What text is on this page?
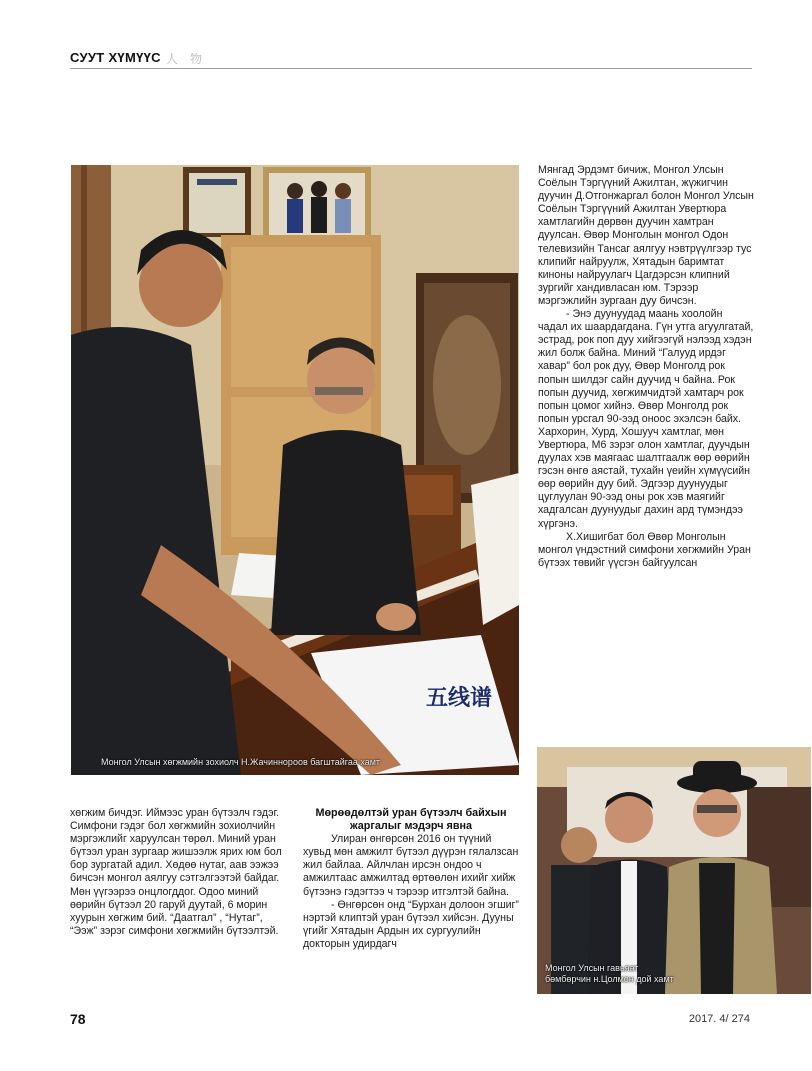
СУУТ ХҮМҮҮС 人物
五线谱
Монгол Улсын хөгжмийн зохиолч Н.Жачиннороов багштайгаа хамт
Монгол Улсын гавьяат
бөмбөрчин н.Цолмон дой хамт

Мянгад Эрдэмт бичиж, Монгол Улсын Соёлын Тэргүүний Ажилтан, жүжигчин дуучин Д.Отгонжаргал болон Монгол Улсын Соёлын Тэргүүний Ажилтан Увертюра хамтлагийн дөрвөн дуучин хамтран дуулсан. Өвөр Монголын монгол Одон телевизийн Тансаг аялгуу нэвтрүүлгээр тус клипийг найруулж, Хятадын баримтат киноны найруулагч Цагдэрсэн клипний зургийг хандивласан юм. Тэрээр мэргэжлийн зургаан дуу бичсэн.

- Энэ дуунуудад маань хоолойн чадал их шаардагдана. Гүн утга агуулгатай, эстрад, рок поп дуу хийгээгүй нэлээд хэдэн жил болж байна. Миний “Галууд ирдэг хавар” бол рок дуу, Өвөр Монголд рок попын шилдэг сайн дуучид ч байна. Рок попын дуучид, хөгжимчидтэй хамтарч рок попын цомог хийнэ. Өвөр Монголд рок попын урсгал 90-ээд оноос эхэлсэн байх. Хархорин, Хурд, Хошууч хамтлаг, мөн Увертюра, М6 зэрэг олон хамтлаг, дуучдын дуулах хэв маягаас шалтгаалж өөр өөрийн гэсэн өнгө аястай, тухайн үеийн хүмүүсийн өөр өөрийн дуу бий. Эдгээр дуунуудыг цуглуулан 90-ээд оны рок хэв маягийг хадгалсан дуунуудыг дахин ард түмэндээ хүргэнэ.

Х.Хишигбат бол Өвөр Монголын монгол үндэстний симфони хөгжмийн Уран бүтээх төвийг үүсгэн байгуулсан

хөгжим бичдэг. Иймээс уран бүтээлч гэдэг. Симфони гэдэг бол хөгжмийн зохиолчийн мэргэжлийг харуулсан төрөл. Миний уран бүтээл уран зургаар жишээлж ярих юм бол бор зургатай адил. Хөдөө нутаг, аав ээжээ бичсэн монгол аялгуу сэтгэлгээтэй байдаг. Мөн үүгээрээ онцлогддог. Одоо миний өөрийн бүтээл 20 гаруй дуутай, 6 морин хуурын хөгжим бий. “Даатгал” , “Нутаг”, “Ээж” зэрэг симфони хөгжмийн бүтээлтэй.

Мөрөөдөлтэй уран бүтээлч байхын жаргалыг мэдэрч явна

Улиран өнгөрсөн 2016 он түүний хувьд мөн амжилт бүтээл дүүрэн гялалзсан жил байлаа. Айлчлан ирсэн ондоо ч амжилтаас амжилтад өртөөлөн ихийг хийж бүтээнэ гэдэгтээ ч тэрээр итгэлтэй байна.

- Өнгөрсөн онд “Бурхан долоон эгшиг” нэртэй клиптэй уран бүтээл хийсэн. Дууны үгийг Хятадын Ардын их сургуулийн докторын удирдагч

78	2017. 4/ 274
